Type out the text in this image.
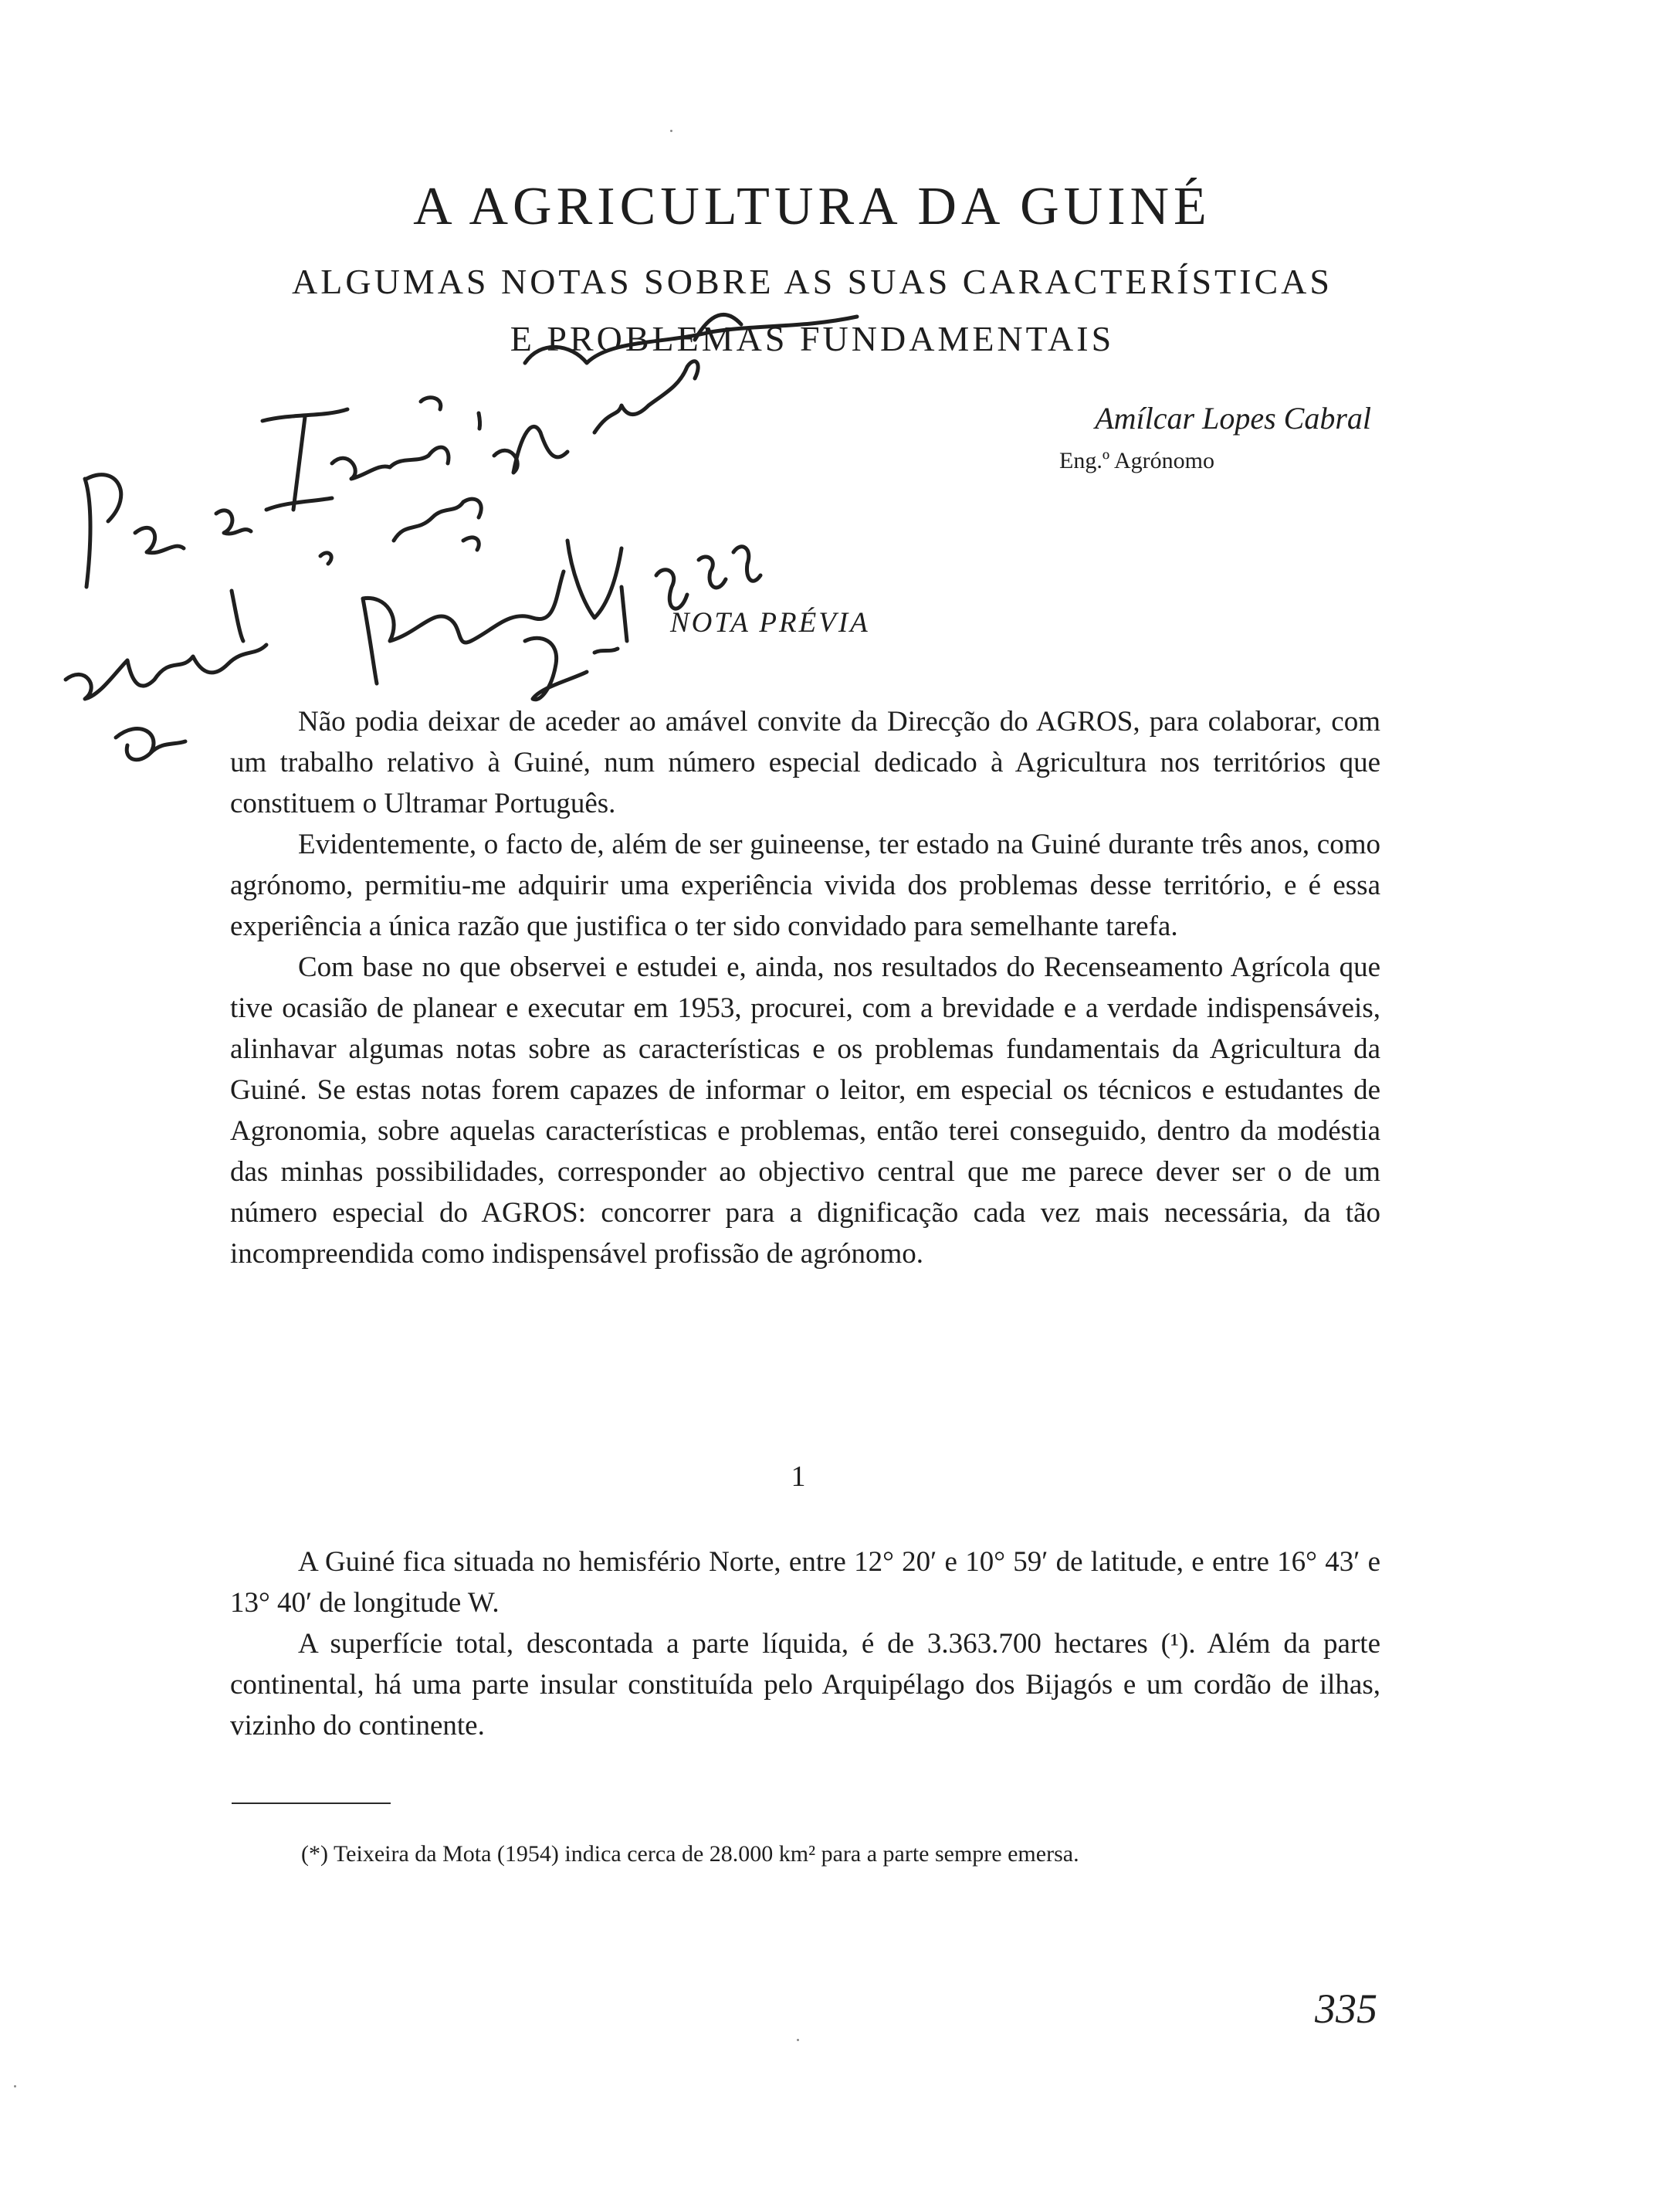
A AGRICULTURA DA GUINÉ
ALGUMAS NOTAS SOBRE AS SUAS CARACTERÍSTICAS
E PROBLEMAS FUNDAMENTAIS
Amílcar Lopes Cabral
Eng.º Agrónomo
NOTA PRÉVIA

Não podia deixar de aceder ao amável convite da Direcção do AGROS, para colaborar, com um trabalho relativo à Guiné, num número especial dedicado à Agricultura nos territórios que constituem o Ultramar Português.

Evidentemente, o facto de, além de ser guineense, ter estado na Guiné durante três anos, como agrónomo, permitiu-me adquirir uma experiência vivida dos problemas desse território, e é essa experiência a única razão que justifica o ter sido convidado para semelhante tarefa.

Com base no que observei e estudei e, ainda, nos resultados do Recenseamento Agrícola que tive ocasião de planear e executar em 1953, procurei, com a brevidade e a verdade indispensáveis, alinhavar algumas notas sobre as características e os problemas fundamentais da Agricultura da Guiné. Se estas notas forem capazes de informar o leitor, em especial os técnicos e estudantes de Agronomia, sobre aquelas características e problemas, então terei conseguido, dentro da modéstia das minhas possibilidades, corresponder ao objectivo central que me parece dever ser o de um número especial do AGROS: concorrer para a dignificação cada vez mais necessária, da tão incompreendida como indispensável profissão de agrónomo.

1

A Guiné fica situada no hemisfério Norte, entre 12° 20′ e 10° 59′ de latitude, e entre 16° 43′ e 13° 40′ de longitude W.

A superfície total, descontada a parte líquida, é de 3.363.700 hectares (¹). Além da parte continental, há uma parte insular constituída pelo Arquipélago dos Bijagós e um cordão de ilhas, vizinho do continente.

(*) Teixeira da Mota (1954) indica cerca de 28.000 km² para a parte sempre emersa.
335
